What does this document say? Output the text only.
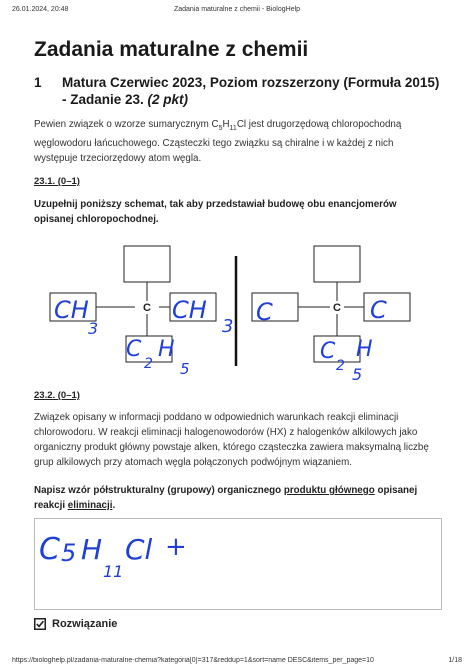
26.01.2024, 20:48	Zadania maturalne z chemii - BiologHelp
Zadania maturalne z chemii
1	Matura Czerwiec 2023, Poziom rozszerzony (Formuła 2015) - Zadanie 23. (2 pkt)

Pewien związek o wzorze sumarycznym $C_5H_{11}Cl$ jest drugorzędową chloropochodną węglowodoru łańcuchowego. Cząsteczki tego związku są chiralne i w każdej z nich występuje trzeciorzędowy atom węgla.

23.1. (0–1)

Uzupełnij poniższy schemat, tak aby przedstawiał budowę obu enancjomerów opisanej chloropochodnej.

C	C
CH
3
CH
3
C
2
H
5
C	C
C
2
H
5
23.2. (0–1)

Związek opisany w informacji poddano w odpowiednich warunkach reakcji eliminacji chlorowodoru. W reakcji eliminacji halogenowodorów (HX) z halogenków alkilowych jako organiczny produkt główny powstaje alken, którego cząsteczka zawiera maksymalną liczbę grup alkilowych przy atomach węgla połączonych podwójnym wiązaniem.

Napisz wzór półstrukturalny (grupowy) organicznego produktu głównego opisanej reakcji eliminacji.

C 5 H
11
Cl +
Rozwiązanie
https://biologhelp.pl/zadania-maturalne-chemia?kategoria[0]=317&reddup=1&sort=name DESC&items_per_page=10	1/18
